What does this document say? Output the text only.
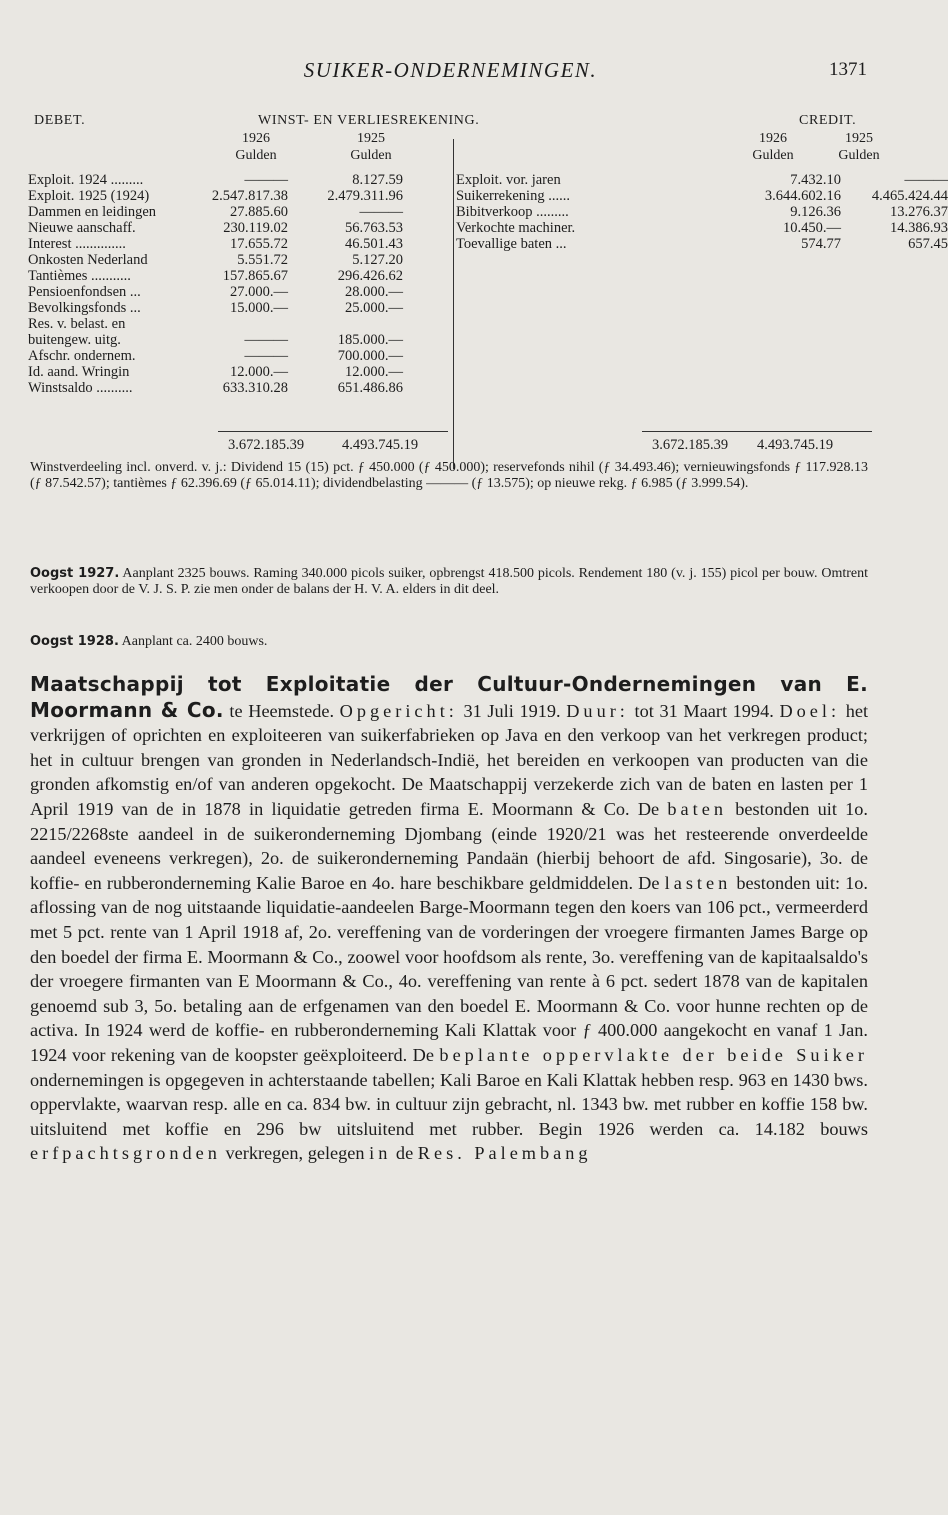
SUIKER-ONDERNEMINGEN.	1371
DEBET.	WINST- EN VERLIESREKENING.	CREDIT.
1926	1925
Gulden	Gulden
1926	1925
Gulden	Gulden
Exploit. 1924 .........	———	8.127.59
Exploit. 1925 (1924)	2.547.817.38	2.479.311.96
Dammen en leidingen	27.885.60	———
Nieuwe aanschaff.	230.119.02	56.763.53
Interest ..............	17.655.72	46.501.43
Onkosten Nederland	5.551.72	5.127.20
Tantièmes ...........	157.865.67	296.426.62
Pensioenfondsen ...	27.000.—	28.000.—
Bevolkingsfonds ...	15.000.—	25.000.—
Res. v. belast. en
buitengew. uitg.	———	185.000.—
Afschr. ondernem.	———	700.000.—
Id. aand. Wringin	12.000.—	12.000.—
Winstsaldo ..........	633.310.28	651.486.86
Exploit. vor. jaren	7.432.10	———
Suikerrekening ......	3.644.602.16	4.465.424.44
Bibitverkoop .........	9.126.36	13.276.37
Verkochte machiner.	10.450.—	14.386.93
Toevallige baten ...	574.77	657.45
3.672.185.39	4.493.745.19	3.672.185.39 4.493.745.19
Winstverdeeling incl. onverd. v. j.: Dividend 15 (15) pct. ƒ 450.000 (ƒ 450.000); reservefonds nihil (ƒ 34.493.46); vernieuwingsfonds ƒ 117.928.13 (ƒ 87.542.57); tantièmes ƒ 62.396.69 (ƒ 65.014.11); dividendbelasting ——— (ƒ 13.575); op nieuwe rekg. ƒ 6.985 (ƒ 3.999.54).
Oogst 1927. Aanplant 2325 bouws. Raming 340.000 picols suiker, opbrengst 418.500 picols. Rendement 180 (v. j. 155) picol per bouw. Omtrent verkoopen door de V. J. S. P. zie men onder de balans der H. V. A. elders in dit deel.
Oogst 1928. Aanplant ca. 2400 bouws.
Maatschappij tot Exploitatie der Cultuur-Ondernemingen van E. Moormann & Co. te Heemstede. Opgericht: 31 Juli 1919. Duur: tot 31 Maart 1994. Doel: het verkrijgen of oprichten en exploiteeren van suikerfabrieken op Java en den verkoop van het verkregen product; het in cultuur brengen van gronden in Nederlandsch-Indië, het bereiden en verkoopen van producten van die gronden afkomstig en/of van anderen opgekocht. De Maatschappij verzekerde zich van de baten en lasten per 1 April 1919 van de in 1878 in liquidatie getreden firma E. Moormann & Co. De baten bestonden uit 1o. 2215/2268ste aandeel in de suikeronderneming Djombang (einde 1920/21 was het resteerende onverdeelde aandeel eveneens verkregen), 2o. de suikeronderneming Pandaän (hierbij behoort de afd. Singosarie), 3o. de koffie- en rubberonderneming Kalie Baroe en 4o. hare beschikbare geldmiddelen. De lasten bestonden uit: 1o. aflossing van de nog uitstaande liquidatie-aandeelen Barge-Moormann tegen den koers van 106 pct., vermeerderd met 5 pct. rente van 1 April 1918 af, 2o. vereffening van de vorderingen der vroegere firmanten James Barge op den boedel der firma E. Moormann & Co., zoowel voor hoofdsom als rente, 3o. vereffening van de kapitaalsaldo's der vroegere firmanten van E Moormann & Co., 4o. vereffening van rente à 6 pct. sedert 1878 van de kapitalen genoemd sub 3, 5o. betaling aan de erfgenamen van den boedel E. Moormann & Co. voor hunne rechten op de activa. In 1924 werd de koffie- en rubberonderneming Kali Klattak voor ƒ 400.000 aangekocht en vanaf 1 Jan. 1924 voor rekening van de koopster geëxploiteerd. De beplante oppervlakte der beide Suiker ondernemingen is opgegeven in achterstaande tabellen; Kali Baroe en Kali Klattak hebben resp. 963 en 1430 bws. oppervlakte, waarvan resp. alle en ca. 834 bw. in cultuur zijn gebracht, nl. 1343 bw. met rubber en koffie 158 bw. uitsluitend met koffie en 296 bw uitsluitend met rubber. Begin 1926 werden ca. 14.182 bouws erfpachtsgronden verkregen, gelegen in de Res. Palembang
